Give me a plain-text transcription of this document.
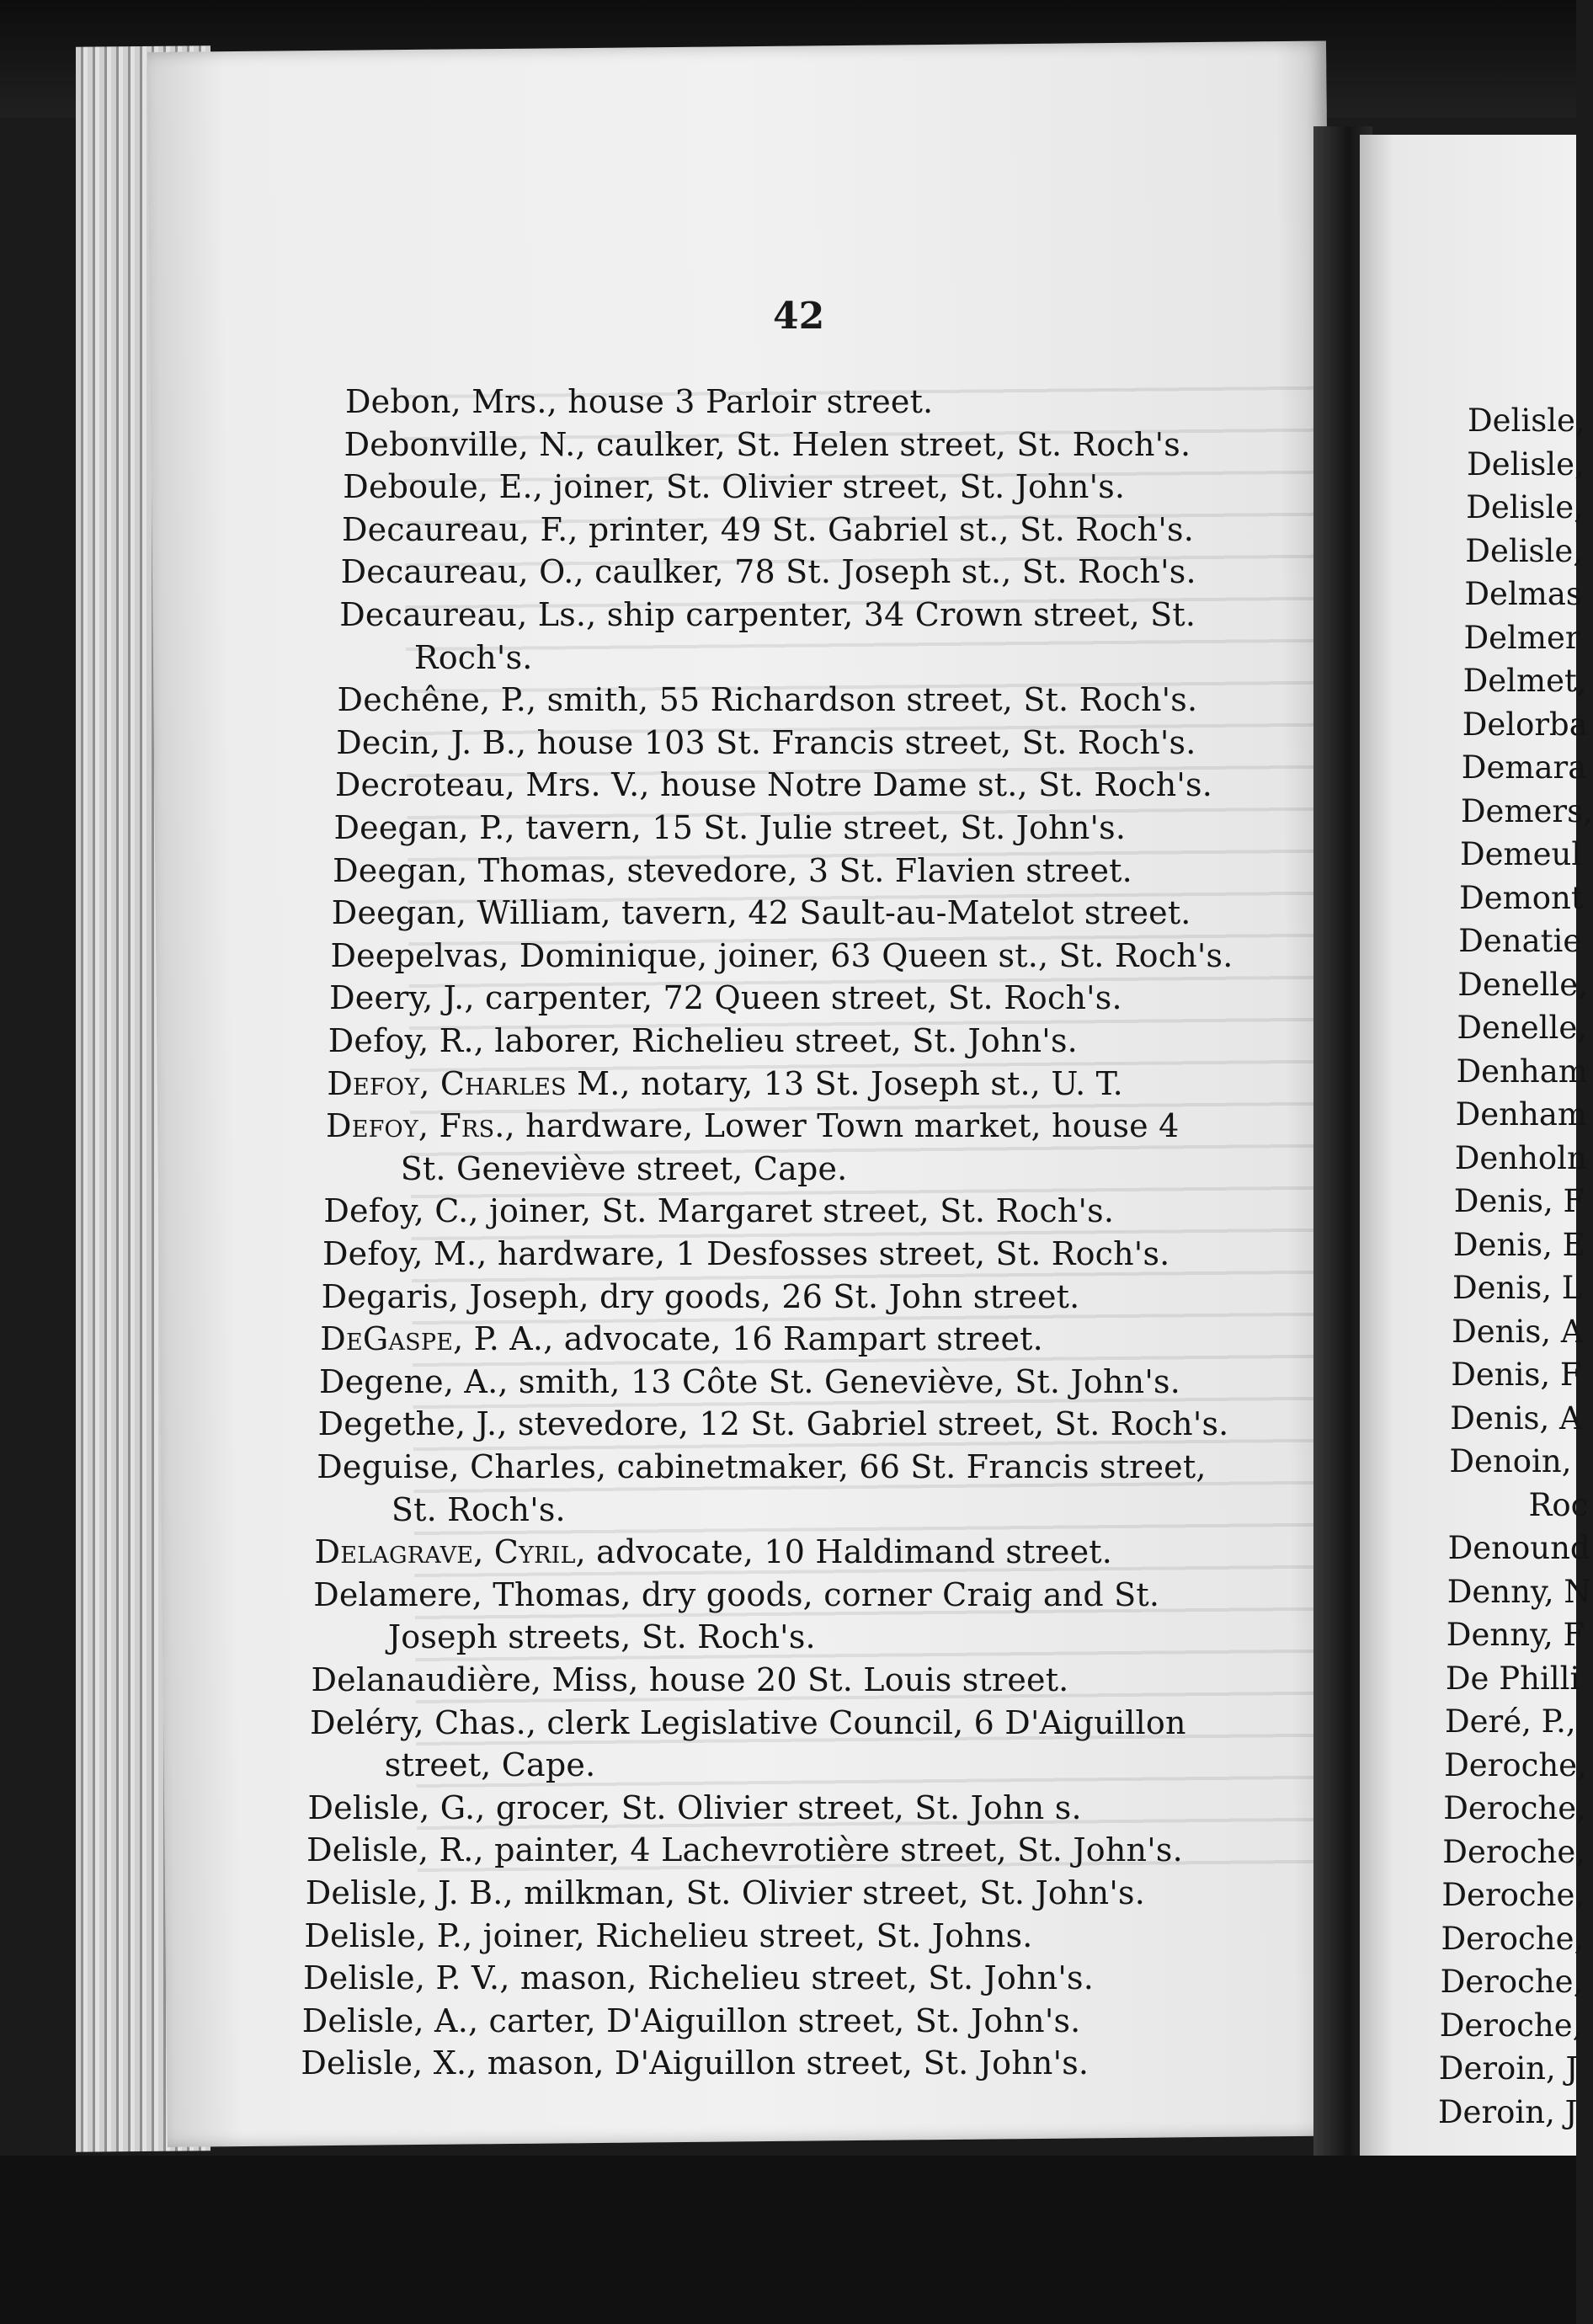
Delisle,
Delisle,
Delisle,
Delisle,
Delmas
Delmer
Delmet,
Delorba
Demara
Demers,
Demeul
Demont
Denatie
Denelle,
Denelle,
Denham
Denham
Denholn
Denis, F
Denis, E
Denis, L
Denis, A
Denis, F
Denis, A
Denoin,
Roc
Denound
Denny, N
Denny, F
De Philli
Deré, P.,
Deroche,
Deroche,
Deroche,
Deroche,
Deroche,
Deroche,
Deroche,
Deroin, J
Deroin, J
42
Debon, Mrs., house 3 Parloir street.
Debonville, N., caulker, St. Helen street, St. Roch's.
Deboule, E., joiner, St. Olivier street, St. John's.
Decaureau, F., printer, 49 St. Gabriel st., St. Roch's.
Decaureau, O., caulker, 78 St. Joseph st., St. Roch's.
Decaureau, Ls., ship carpenter, 34 Crown street, St.
Roch's.
Dechêne, P., smith, 55 Richardson street, St. Roch's.
Decin, J. B., house 103 St. Francis street, St. Roch's.
Decroteau, Mrs. V., house Notre Dame st., St. Roch's.
Deegan, P., tavern, 15 St. Julie street, St. John's.
Deegan, Thomas, stevedore, 3 St. Flavien street.
Deegan, William, tavern, 42 Sault-au-Matelot street.
Deepelvas, Dominique, joiner, 63 Queen st., St. Roch's.
Deery, J., carpenter, 72 Queen street, St. Roch's.
Defoy, R., laborer, Richelieu street, St. John's.
Defoy, Charles M., notary, 13 St. Joseph st., U. T.
Defoy, Frs., hardware, Lower Town market, house 4
St. Geneviève street, Cape.
Defoy, C., joiner, St. Margaret street, St. Roch's.
Defoy, M., hardware, 1 Desfosses street, St. Roch's.
Degaris, Joseph, dry goods, 26 St. John street.
DeGaspe, P. A., advocate, 16 Rampart street.
Degene, A., smith, 13 Côte St. Geneviève, St. John's.
Degethe, J., stevedore, 12 St. Gabriel street, St. Roch's.
Deguise, Charles, cabinetmaker, 66 St. Francis street,
St. Roch's.
Delagrave, Cyril, advocate, 10 Haldimand street.
Delamere, Thomas, dry goods, corner Craig and St.
Joseph streets, St. Roch's.
Delanaudière, Miss, house 20 St. Louis street.
Deléry, Chas., clerk Legislative Council, 6 D'Aiguillon
street, Cape.
Delisle, G., grocer, St. Olivier street, St. John s.
Delisle, R., painter, 4 Lachevrotière street, St. John's.
Delisle, J. B., milkman, St. Olivier street, St. John's.
Delisle, P., joiner, Richelieu street, St. Johns.
Delisle, P. V., mason, Richelieu street, St. John's.
Delisle, A., carter, D'Aiguillon street, St. John's.
Delisle, X., mason, D'Aiguillon street, St. John's.
